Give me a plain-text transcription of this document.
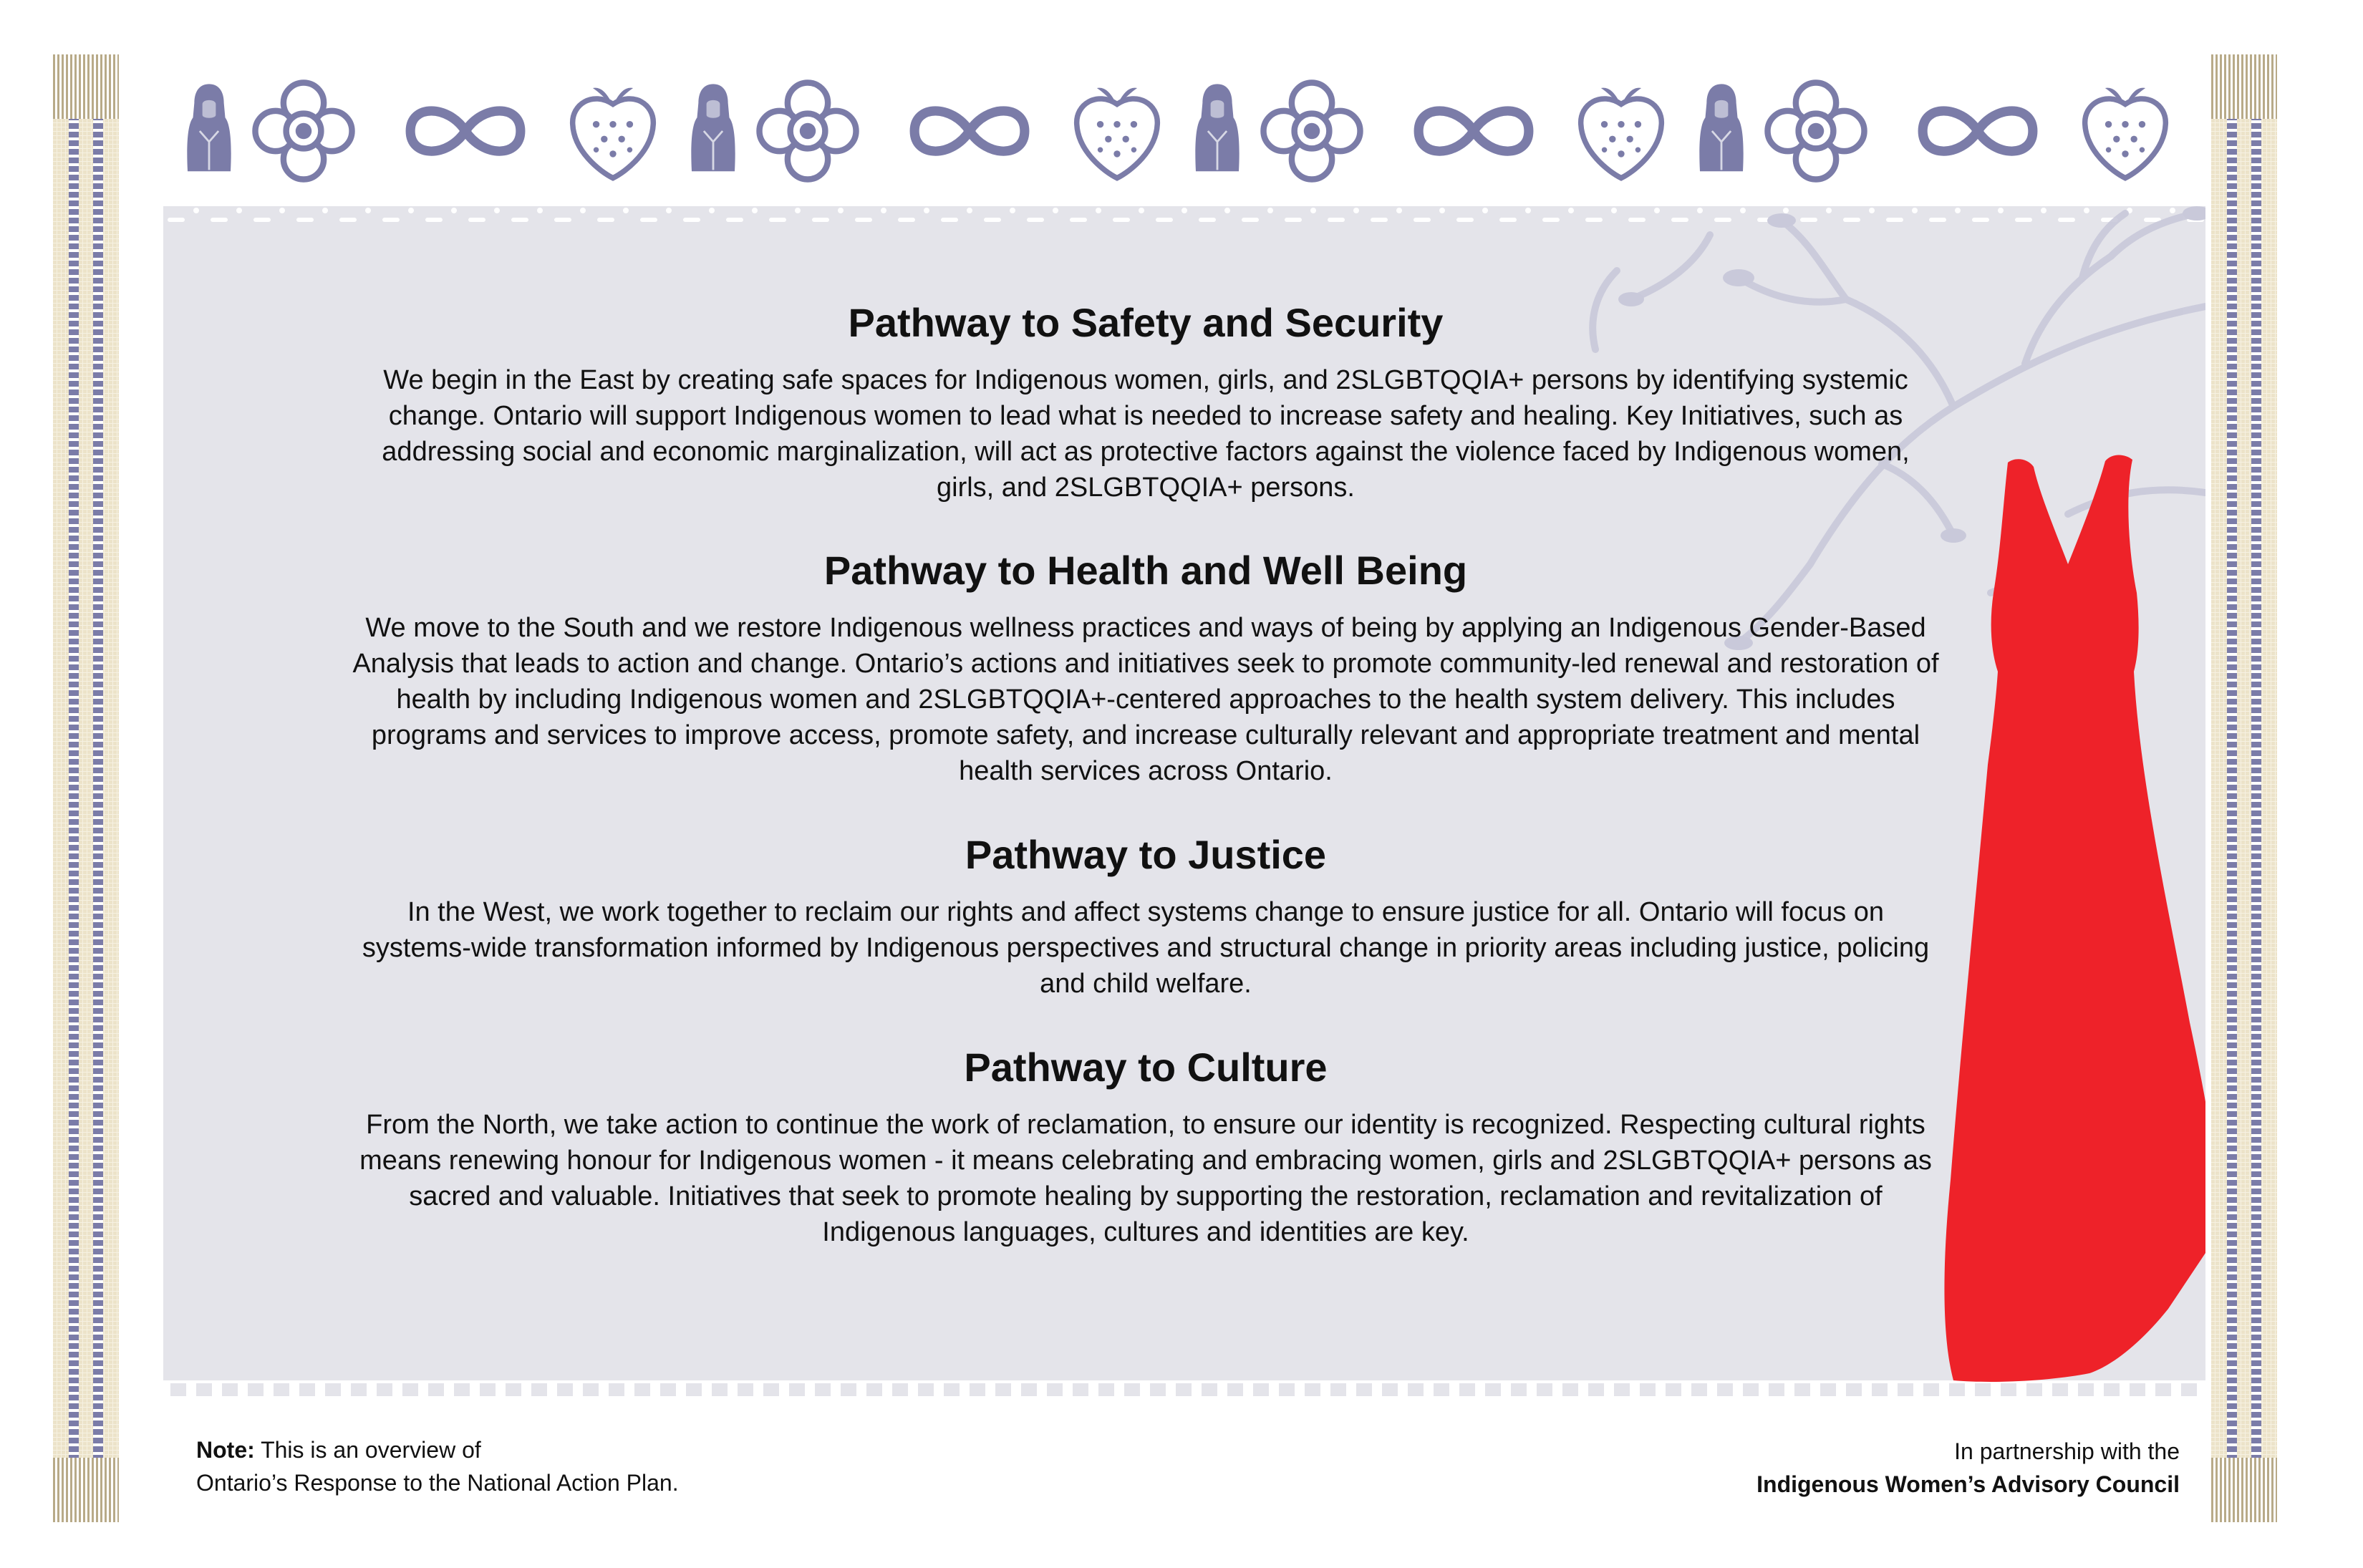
Pathway to Safety and Security

We begin in the East by creating safe spaces for Indigenous women, girls, and 2SLGBTQQIA+ persons by identifying systemic change. Ontario will support Indigenous women to lead what is needed to increase safety and healing. Key Initiatives, such as addressing social and economic marginalization, will act as protective factors against the violence faced by Indigenous women, girls, and 2SLGBTQQIA+ persons.

Pathway to Health and Well Being

We move to the South and we restore Indigenous wellness practices and ways of being by applying an Indigenous Gender-Based Analysis that leads to action and change. Ontario’s actions and initiatives seek to promote community-led renewal and restoration of health by including Indigenous women and 2SLGBTQQIA+-centered approaches to the health system delivery. This includes programs and services to improve access, promote safety, and increase culturally relevant and appropriate treatment and mental health services across Ontario.

Pathway to Justice

In the West, we work together to reclaim our rights and affect systems change to ensure justice for all. Ontario will focus on systems-wide transformation informed by Indigenous perspectives and structural change in priority areas including justice, policing and child welfare.

Pathway to Culture

From the North, we take action to continue the work of reclamation, to ensure our identity is recognized. Respecting cultural rights means renewing honour for Indigenous women - it means celebrating and embracing women, girls and 2SLGBTQQIA+ persons as sacred and valuable. Initiatives that seek to promote healing by supporting the restoration, reclamation and revitalization of Indigenous languages, cultures and identities are key.

Note: This is an overview of
Ontario’s Response to the National Action Plan.
In partnership with the
Indigenous Women’s Advisory Council
